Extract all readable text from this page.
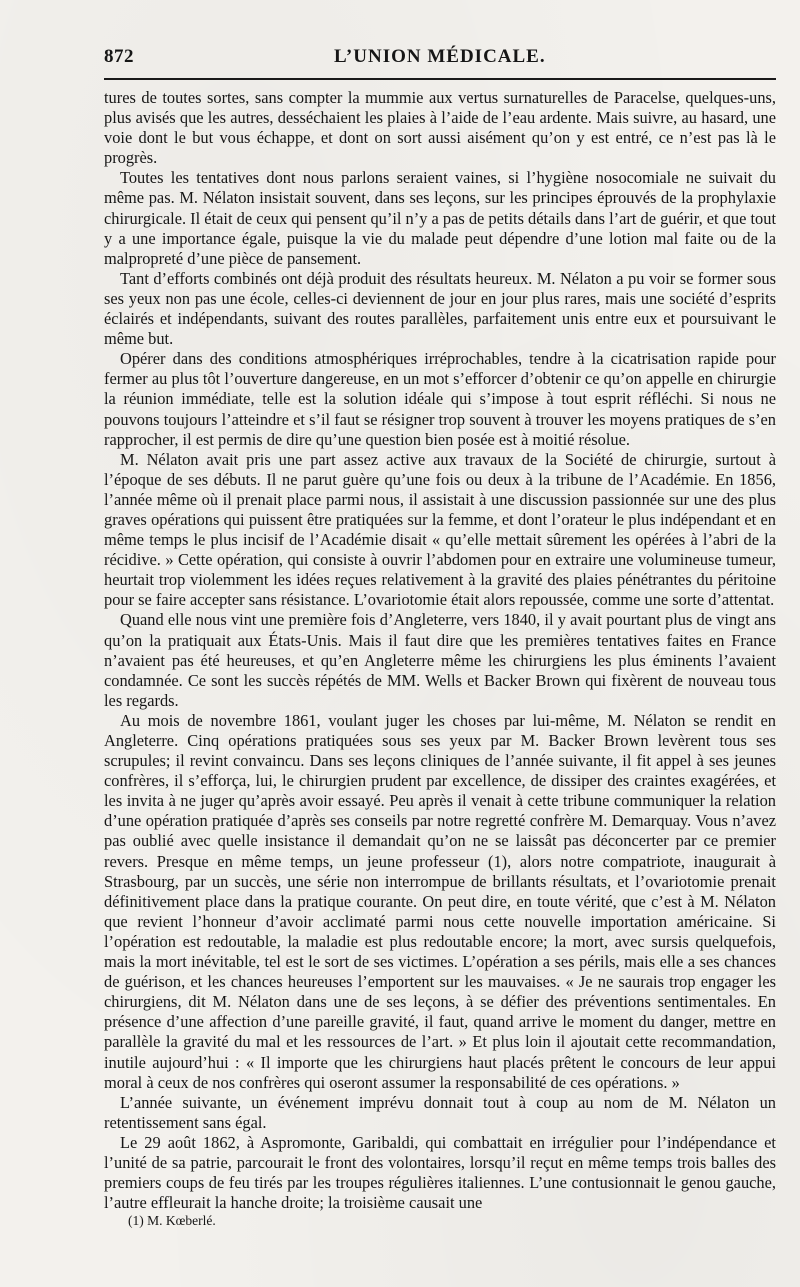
872	L’UNION MÉDICALE.

tures de toutes sortes, sans compter la mummie aux vertus surnaturelles de Paracelse, quelques-uns, plus avisés que les autres, desséchaient les plaies à l’aide de l’eau ardente. Mais suivre, au hasard, une voie dont le but vous échappe, et dont on sort aussi aisément qu’on y est entré, ce n’est pas là le progrès.

Toutes les tentatives dont nous parlons seraient vaines, si l’hygiène nosocomiale ne suivait du même pas. M. Nélaton insistait souvent, dans ses leçons, sur les principes éprouvés de la prophylaxie chirurgicale. Il était de ceux qui pensent qu’il n’y a pas de petits détails dans l’art de guérir, et que tout y a une importance égale, puisque la vie du malade peut dépendre d’une lotion mal faite ou de la malpropreté d’une pièce de pansement.

Tant d’efforts combinés ont déjà produit des résultats heureux. M. Nélaton a pu voir se former sous ses yeux non pas une école, celles-ci deviennent de jour en jour plus rares, mais une société d’esprits éclairés et indépendants, suivant des routes parallèles, parfaitement unis entre eux et poursuivant le même but.

Opérer dans des conditions atmosphériques irréprochables, tendre à la cicatrisation rapide pour fermer au plus tôt l’ouverture dangereuse, en un mot s’efforcer d’obtenir ce qu’on appelle en chirurgie la réunion immédiate, telle est la solution idéale qui s’impose à tout esprit réfléchi. Si nous ne pouvons toujours l’atteindre et s’il faut se résigner trop souvent à trouver les moyens pratiques de s’en rapprocher, il est permis de dire qu’une question bien posée est à moitié résolue.

M. Nélaton avait pris une part assez active aux travaux de la Société de chirurgie, surtout à l’époque de ses débuts. Il ne parut guère qu’une fois ou deux à la tribune de l’Académie. En 1856, l’année même où il prenait place parmi nous, il assistait à une discussion passionnée sur une des plus graves opérations qui puissent être pratiquées sur la femme, et dont l’orateur le plus indépendant et en même temps le plus incisif de l’Académie disait « qu’elle mettait sûrement les opérées à l’abri de la récidive. » Cette opération, qui consiste à ouvrir l’abdomen pour en extraire une volumineuse tumeur, heurtait trop violemment les idées reçues relativement à la gravité des plaies pénétrantes du péritoine pour se faire accepter sans résistance. L’ovariotomie était alors repoussée, comme une sorte d’attentat.

Quand elle nous vint une première fois d’Angleterre, vers 1840, il y avait pourtant plus de vingt ans qu’on la pratiquait aux États-Unis. Mais il faut dire que les premières tentatives faites en France n’avaient pas été heureuses, et qu’en Angleterre même les chirurgiens les plus éminents l’avaient condamnée. Ce sont les succès répétés de MM. Wells et Backer Brown qui fixèrent de nouveau tous les regards.

Au mois de novembre 1861, voulant juger les choses par lui-même, M. Nélaton se rendit en Angleterre. Cinq opérations pratiquées sous ses yeux par M. Backer Brown levèrent tous ses scrupules; il revint convaincu. Dans ses leçons cliniques de l’année suivante, il fit appel à ses jeunes confrères, il s’efforça, lui, le chirurgien prudent par excellence, de dissiper des craintes exagérées, et les invita à ne juger qu’après avoir essayé. Peu après il venait à cette tribune communiquer la relation d’une opération pratiquée d’après ses conseils par notre regretté confrère M. Demarquay. Vous n’avez pas oublié avec quelle insistance il demandait qu’on ne se laissât pas déconcerter par ce premier revers. Presque en même temps, un jeune professeur (1), alors notre compatriote, inaugurait à Strasbourg, par un succès, une série non interrompue de brillants résultats, et l’ovariotomie prenait définitivement place dans la pratique courante. On peut dire, en toute vérité, que c’est à M. Nélaton que revient l’honneur d’avoir acclimaté parmi nous cette nouvelle importation américaine. Si l’opération est redoutable, la maladie est plus redoutable encore; la mort, avec sursis quelquefois, mais la mort inévitable, tel est le sort de ses victimes. L’opération a ses périls, mais elle a ses chances de guérison, et les chances heureuses l’emportent sur les mauvaises. « Je ne saurais trop engager les chirurgiens, dit M. Nélaton dans une de ses leçons, à se défier des préventions sentimentales. En présence d’une affection d’une pareille gravité, il faut, quand arrive le moment du danger, mettre en parallèle la gravité du mal et les ressources de l’art. » Et plus loin il ajoutait cette recommandation, inutile aujourd’hui : « Il importe que les chirurgiens haut placés prêtent le concours de leur appui moral à ceux de nos confrères qui oseront assumer la responsabilité de ces opérations. »

L’année suivante, un événement imprévu donnait tout à coup au nom de M. Nélaton un retentissement sans égal.

Le 29 août 1862, à Aspromonte, Garibaldi, qui combattait en irrégulier pour l’indépendance et l’unité de sa patrie, parcourait le front des volontaires, lorsqu’il reçut en même temps trois balles des premiers coups de feu tirés par les troupes régulières italiennes. L’une contusionnait le genou gauche, l’autre effleurait la hanche droite; la troisième causait une

(1) M. Kœberlé.
